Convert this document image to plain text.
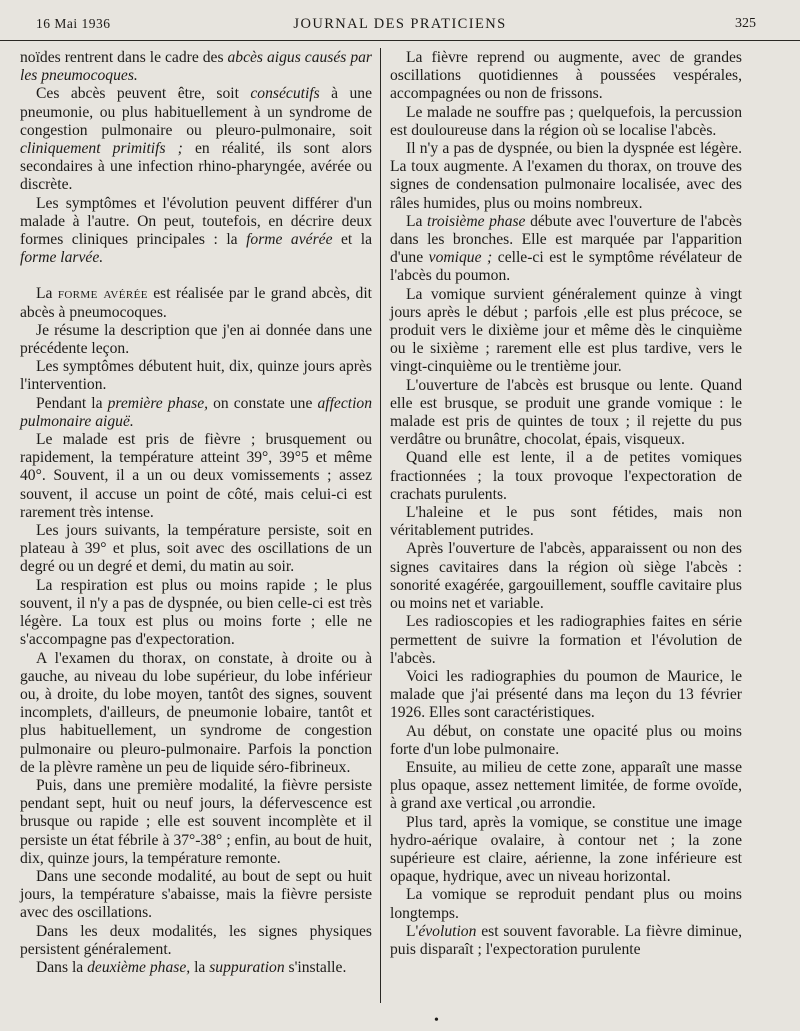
16 Mai 1936	JOURNAL DES PRATICIENS	325

noïdes rentrent dans le cadre des abcès aigus causés par les pneumocoques.

Ces abcès peuvent être, soit consécutifs à une pneumonie, ou plus habituellement à un syndrome de congestion pulmonaire ou pleuro-pulmonaire, soit cliniquement primitifs ; en réalité, ils sont alors secondaires à une infection rhino-pharyngée, avérée ou discrète.

Les symptômes et l'évolution peuvent différer d'un malade à l'autre. On peut, toutefois, en décrire deux formes cliniques principales : la forme avérée et la forme larvée.

La forme avérée est réalisée par le grand abcès, dit abcès à pneumocoques.

Je résume la description que j'en ai donnée dans une précédente leçon.

Les symptômes débutent huit, dix, quinze jours après l'intervention.

Pendant la première phase, on constate une affection pulmonaire aiguë.

Le malade est pris de fièvre ; brusquement ou rapidement, la température atteint 39°, 39°5 et même 40°. Souvent, il a un ou deux vomissements ; assez souvent, il accuse un point de côté, mais celui-ci est rarement très intense.

Les jours suivants, la température persiste, soit en plateau à 39° et plus, soit avec des oscillations de un degré ou un degré et demi, du matin au soir.

La respiration est plus ou moins rapide ; le plus souvent, il n'y a pas de dyspnée, ou bien celle-ci est très légère. La toux est plus ou moins forte ; elle ne s'accompagne pas d'expectoration.

A l'examen du thorax, on constate, à droite ou à gauche, au niveau du lobe supérieur, du lobe inférieur ou, à droite, du lobe moyen, tantôt des signes, souvent incomplets, d'ailleurs, de pneumonie lobaire, tantôt et plus habituellement, un syndrome de congestion pulmonaire ou pleuro-pulmonaire. Parfois la ponction de la plèvre ramène un peu de liquide séro-fibrineux.

Puis, dans une première modalité, la fièvre persiste pendant sept, huit ou neuf jours, la défervescence est brusque ou rapide ; elle est souvent incomplète et il persiste un état fébrile à 37°-38° ; enfin, au bout de huit, dix, quinze jours, la température remonte.

Dans une seconde modalité, au bout de sept ou huit jours, la température s'abaisse, mais la fièvre persiste avec des oscillations.

Dans les deux modalités, les signes physiques persistent généralement.

Dans la deuxième phase, la suppuration s'installe.

La fièvre reprend ou augmente, avec de grandes oscillations quotidiennes à poussées vespérales, accompagnées ou non de frissons.

Le malade ne souffre pas ; quelquefois, la percussion est douloureuse dans la région où se localise l'abcès.

Il n'y a pas de dyspnée, ou bien la dyspnée est légère. La toux augmente. A l'examen du thorax, on trouve des signes de condensation pulmonaire localisée, avec des râles humides, plus ou moins nombreux.

La troisième phase débute avec l'ouverture de l'abcès dans les bronches. Elle est marquée par l'apparition d'une vomique ; celle-ci est le symptôme révélateur de l'abcès du poumon.

La vomique survient généralement quinze à vingt jours après le début ; parfois ,elle est plus précoce, se produit vers le dixième jour et même dès le cinquième ou le sixième ; rarement elle est plus tardive, vers le vingt-cinquième ou le trentième jour.

L'ouverture de l'abcès est brusque ou lente. Quand elle est brusque, se produit une grande vomique : le malade est pris de quintes de toux ; il rejette du pus verdâtre ou brunâtre, chocolat, épais, visqueux.

Quand elle est lente, il a de petites vomiques fractionnées ; la toux provoque l'expectoration de crachats purulents.

L'haleine et le pus sont fétides, mais non véritablement putrides.

Après l'ouverture de l'abcès, apparaissent ou non des signes cavitaires dans la région où siège l'abcès : sonorité exagérée, gargouillement, souffle cavitaire plus ou moins net et variable.

Les radioscopies et les radiographies faites en série permettent de suivre la formation et l'évolution de l'abcès.

Voici les radiographies du poumon de Maurice, le malade que j'ai présenté dans ma leçon du 13 février 1926. Elles sont caractéristiques.

Au début, on constate une opacité plus ou moins forte d'un lobe pulmonaire.

Ensuite, au milieu de cette zone, apparaît une masse plus opaque, assez nettement limitée, de forme ovoïde, à grand axe vertical ,ou arrondie.

Plus tard, après la vomique, se constitue une image hydro-aérique ovalaire, à contour net ; la zone supérieure est claire, aérienne, la zone inférieure est opaque, hydrique, avec un niveau horizontal.

La vomique se reproduit pendant plus ou moins longtemps.

L'évolution est souvent favorable. La fièvre diminue, puis disparaît ; l'expectoration purulente

•
